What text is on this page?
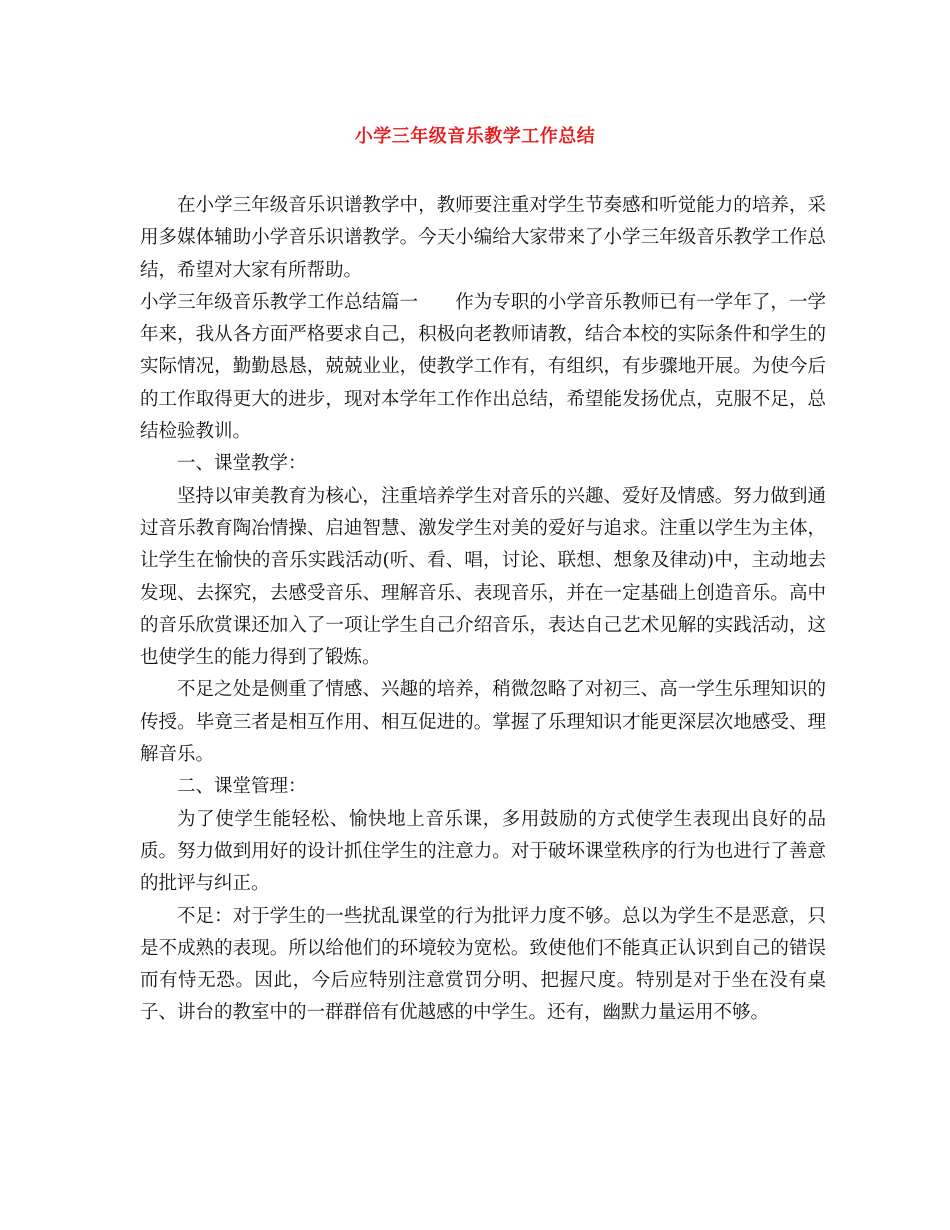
小学三年级音乐教学工作总结

在小学三年级音乐识谱教学中，教师要注重对学生节奏感和听觉能力的培养，采用多媒体辅助小学音乐识谱教学。今天小编给大家带来了小学三年级音乐教学工作总结，希望对大家有所帮助。

小学三年级音乐教学工作总结篇一　　作为专职的小学音乐教师已有一学年了，一学年来，我从各方面严格要求自己，积极向老教师请教，结合本校的实际条件和学生的实际情况，勤勤恳恳，兢兢业业，使教学工作有，有组织，有步骤地开展。为使今后的工作取得更大的进步，现对本学年工作作出总结，希望能发扬优点，克服不足，总结检验教训。

一、课堂教学：

坚持以审美教育为核心，注重培养学生对音乐的兴趣、爱好及情感。努力做到通过音乐教育陶冶情操、启迪智慧、激发学生对美的爱好与追求。注重以学生为主体，让学生在愉快的音乐实践活动(听、看、唱，讨论、联想、想象及律动)中，主动地去发现、去探究，去感受音乐、理解音乐、表现音乐，并在一定基础上创造音乐。高中的音乐欣赏课还加入了一项让学生自己介绍音乐，表达自己艺术见解的实践活动，这也使学生的能力得到了锻炼。

不足之处是侧重了情感、兴趣的培养，稍微忽略了对初三、高一学生乐理知识的传授。毕竟三者是相互作用、相互促进的。掌握了乐理知识才能更深层次地感受、理解音乐。

二、课堂管理：

为了使学生能轻松、愉快地上音乐课，多用鼓励的方式使学生表现出良好的品质。努力做到用好的设计抓住学生的注意力。对于破坏课堂秩序的行为也进行了善意的批评与纠正。

不足：对于学生的一些扰乱课堂的行为批评力度不够。总以为学生不是恶意，只是不成熟的表现。所以给他们的环境较为宽松。致使他们不能真正认识到自己的错误而有恃无恐。因此，今后应特别注意赏罚分明、把握尺度。特别是对于坐在没有桌子、讲台的教室中的一群群倍有优越感的中学生。还有，幽默力量运用不够。
